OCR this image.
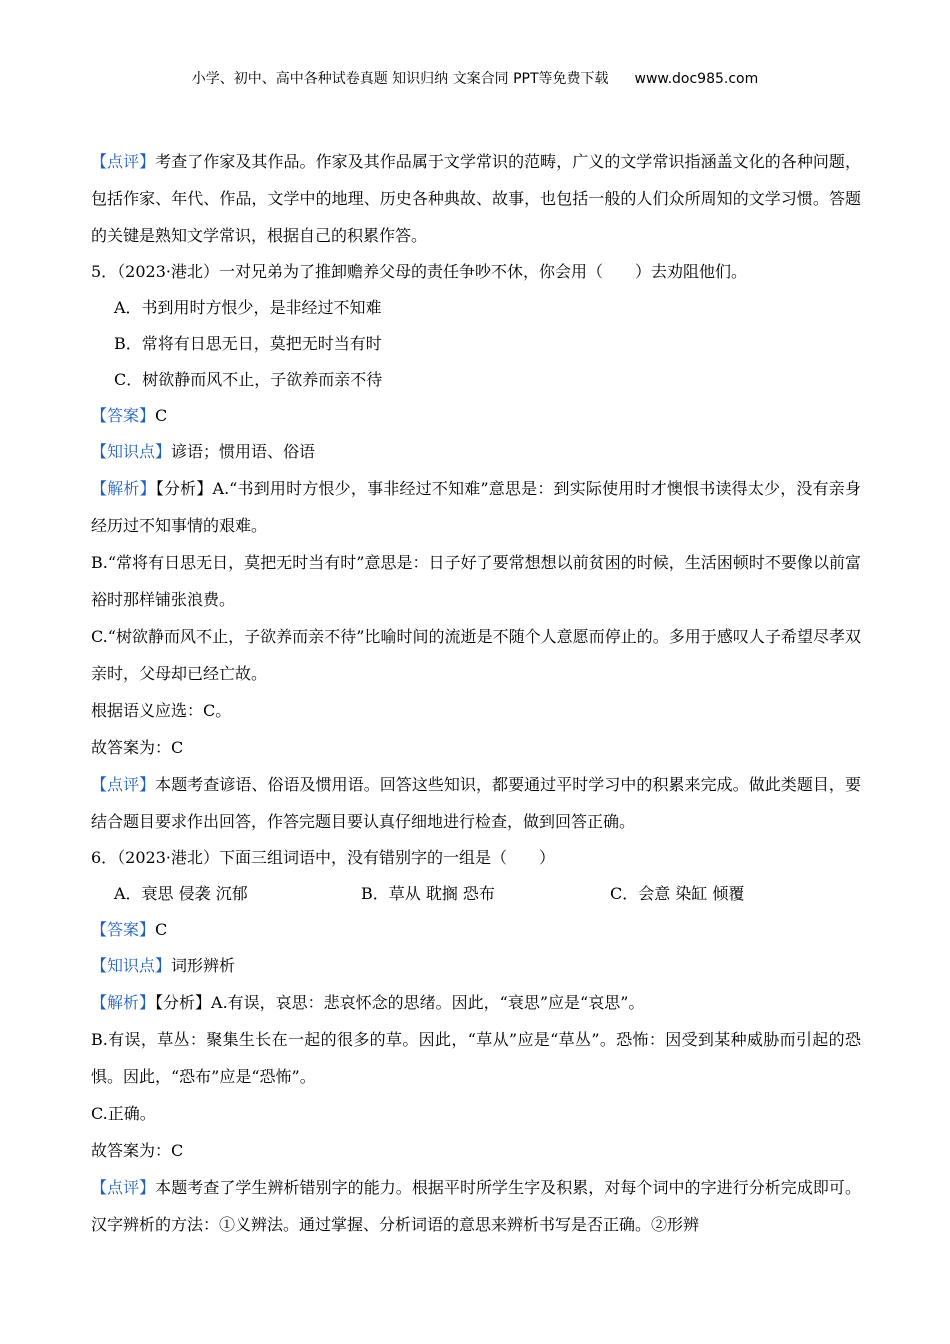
小学、初中、高中各种试卷真题 知识归纳 文案合同 PPT等免费下载 www.doc985.com

【点评】考查了作家及其作品。作家及其作品属于文学常识的范畴，广义的文学常识指涵盖文化的各种问题，包括作家、年代、作品，文学中的地理、历史各种典故、故事，也包括一般的人们众所周知的文学习惯。答题的关键是熟知文学常识，根据自己的积累作答。

5．（2023·港北）一对兄弟为了推卸赡养父母的责任争吵不休，你会用（　　）去劝阻他们。

A．书到用时方恨少，是非经过不知难

B．常将有日思无日，莫把无时当有时

C．树欲静而风不止，子欲养而亲不待

【答案】C

【知识点】谚语；惯用语、俗语

【解析】【分析】A.“书到用时方恨少，事非经过不知难”意思是：到实际使用时才懊恨书读得太少，没有亲身经历过不知事情的艰难。

B.“常将有日思无日，莫把无时当有时”意思是：日子好了要常想想以前贫困的时候，生活困顿时不要像以前富裕时那样铺张浪费。

C.“树欲静而风不止，子欲养而亲不待”比喻时间的流逝是不随个人意愿而停止的。多用于感叹人子希望尽孝双亲时，父母却已经亡故。

根据语义应选：C。

故答案为：C

【点评】本题考查谚语、俗语及惯用语。回答这些知识，都要通过平时学习中的积累来完成。做此类题目，要结合题目要求作出回答，作答完题目要认真仔细地进行检查，做到回答正确。

6．（2023·港北）下面三组词语中，没有错别字的一组是（　　）

A．衰思 侵袭 沉郁	B．草从 耽搁 恐布	C．会意 染缸 倾覆

【答案】C

【知识点】词形辨析

【解析】【分析】A.有误，哀思：悲哀怀念的思绪。因此，“衰思”应是“哀思”。

B.有误，草丛：聚集生长在一起的很多的草。因此，“草从”应是“草丛”。恐怖：因受到某种威胁而引起的恐惧。因此，“恐布”应是“恐怖”。

C.正确。

故答案为：C

【点评】本题考查了学生辨析错别字的能力。根据平时所学生字及积累，对每个词中的字进行分析完成即可。汉字辨析的方法：①义辨法。通过掌握、分析词语的意思来辨析书写是否正确。②形辨
